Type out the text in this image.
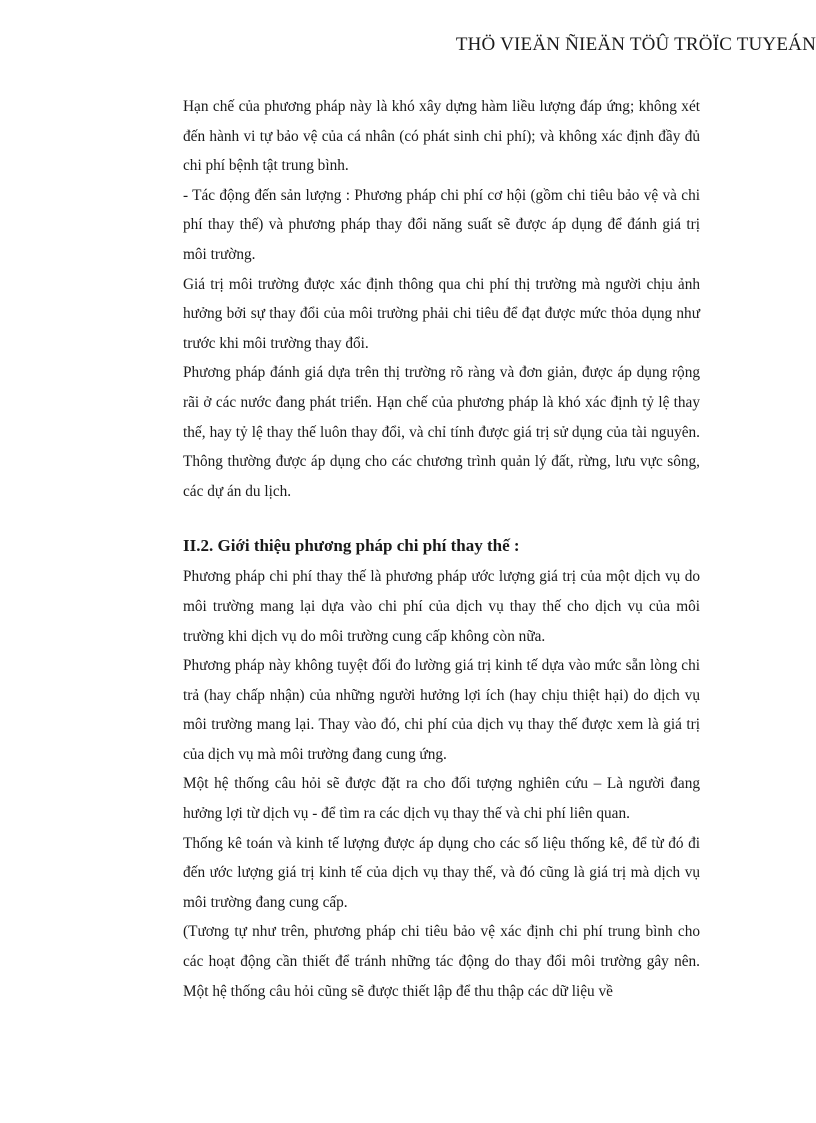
THÖ VIEÄN ÑIEÄN TÖÛ TRÖÏC TUYEÁN

Hạn chế của phương pháp này là khó xây dựng hàm liều lượng đáp ứng; không xét đến hành vi tự bảo vệ của cá nhân (có phát sinh chi phí); và không xác định đầy đủ chi phí bệnh tật trung bình.

- Tác động đến sản lượng : Phương pháp chi phí cơ hội (gồm chi tiêu bảo vệ và chi phí thay thế) và phương pháp thay đổi năng suất sẽ được áp dụng để đánh giá trị môi trường.

Giá trị môi trường được xác định thông qua chi phí thị trường mà người chịu ảnh hưởng bởi sự thay đổi của môi trường phải chi tiêu để đạt được mức thỏa dụng như trước khi môi trường thay đổi.

Phương pháp đánh giá dựa trên thị trường rõ ràng và đơn giản, được áp dụng rộng rãi ở các nước đang phát triển. Hạn chế của phương pháp là khó xác định tỷ lệ thay thế, hay tỷ lệ thay thế luôn thay đổi, và chỉ tính được giá trị sử dụng của tài nguyên. Thông thường được áp dụng cho các chương trình quản lý đất, rừng, lưu vực sông, các dự án du lịch.

II.2. Giới thiệu phương pháp chi phí thay thế :

Phương pháp chi phí thay thế là phương pháp ước lượng giá trị của một dịch vụ do môi trường mang lại dựa vào chi phí của dịch vụ thay thế cho dịch vụ của môi trường khi dịch vụ do môi trường cung cấp không còn nữa.

Phương pháp này không tuyệt đối đo lường giá trị kinh tế dựa vào mức sẵn lòng chi trả (hay chấp nhận) của những người hưởng lợi ích (hay chịu thiệt hại) do dịch vụ môi trường mang lại. Thay vào đó, chi phí của dịch vụ thay thế được xem là giá trị của dịch vụ mà môi trường đang cung ứng.

Một hệ thống câu hỏi sẽ được đặt ra cho đối tượng nghiên cứu – Là người đang hưởng lợi từ dịch vụ - để tìm ra các dịch vụ thay thế và chi phí liên quan.

Thống kê toán và kinh tế lượng được áp dụng cho các số liệu thống kê, để từ đó đi đến ước lượng giá trị kinh tế của dịch vụ thay thế, và đó cũng là giá trị mà dịch vụ môi trường đang cung cấp.

(Tương tự như trên, phương pháp chi tiêu bảo vệ xác định chi phí trung bình cho các hoạt động cần thiết để tránh những tác động do thay đổi môi trường gây nên. Một hệ thống câu hỏi cũng sẽ được thiết lập để thu thập các dữ liệu về
